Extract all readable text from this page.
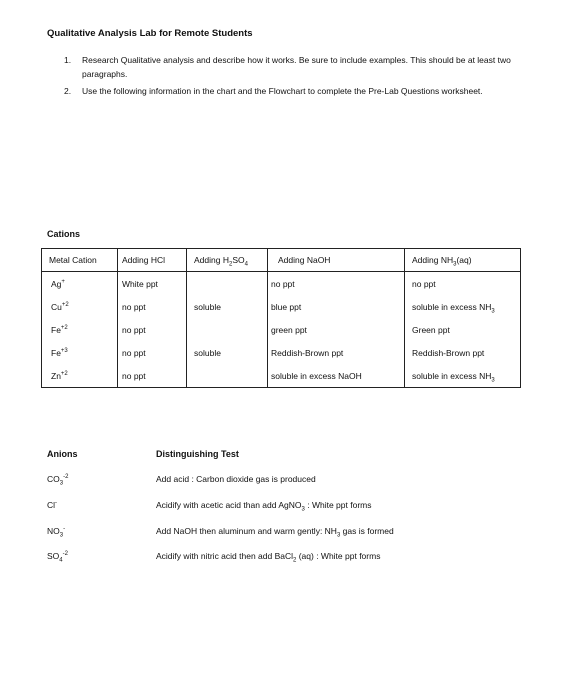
Qualitative Analysis Lab for Remote Students
1. Research Qualitative analysis and describe how it works. Be sure to include examples. This should be at least two paragraphs.
2. Use the following information in the chart and the Flowchart to complete the Pre-Lab Questions worksheet.
Cations
Metal Cation	Adding HCl	Adding $H_2SO_4$	Adding NaOH	Adding $NH_3(aq)$
Ag+	White ppt		no ppt	no ppt
$Cu^{+2}$	no ppt	soluble	blue ppt	soluble in excess $NH_3$
$Fe^{+2}$	no ppt		green ppt	Green ppt
$Fe^{+3}$	no ppt	soluble	Reddish-Brown ppt	Reddish-Brown ppt
$Zn^{+2}$	no ppt		soluble in excess NaOH	soluble in excess $NH_3$
Anions	Distinguishing Test
$CO_3^{-2}$	Add acid : Carbon dioxide gas is produced
Cl-	Acidify with acetic acid than add AgNO$_3$ : White ppt forms
$NO_3^-$	Add NaOH then aluminum and warm gently: $NH_3$ gas is formed
$SO_4^{-2}$	Acidify with nitric acid then add BaCl$_2$ (aq) : White ppt forms
